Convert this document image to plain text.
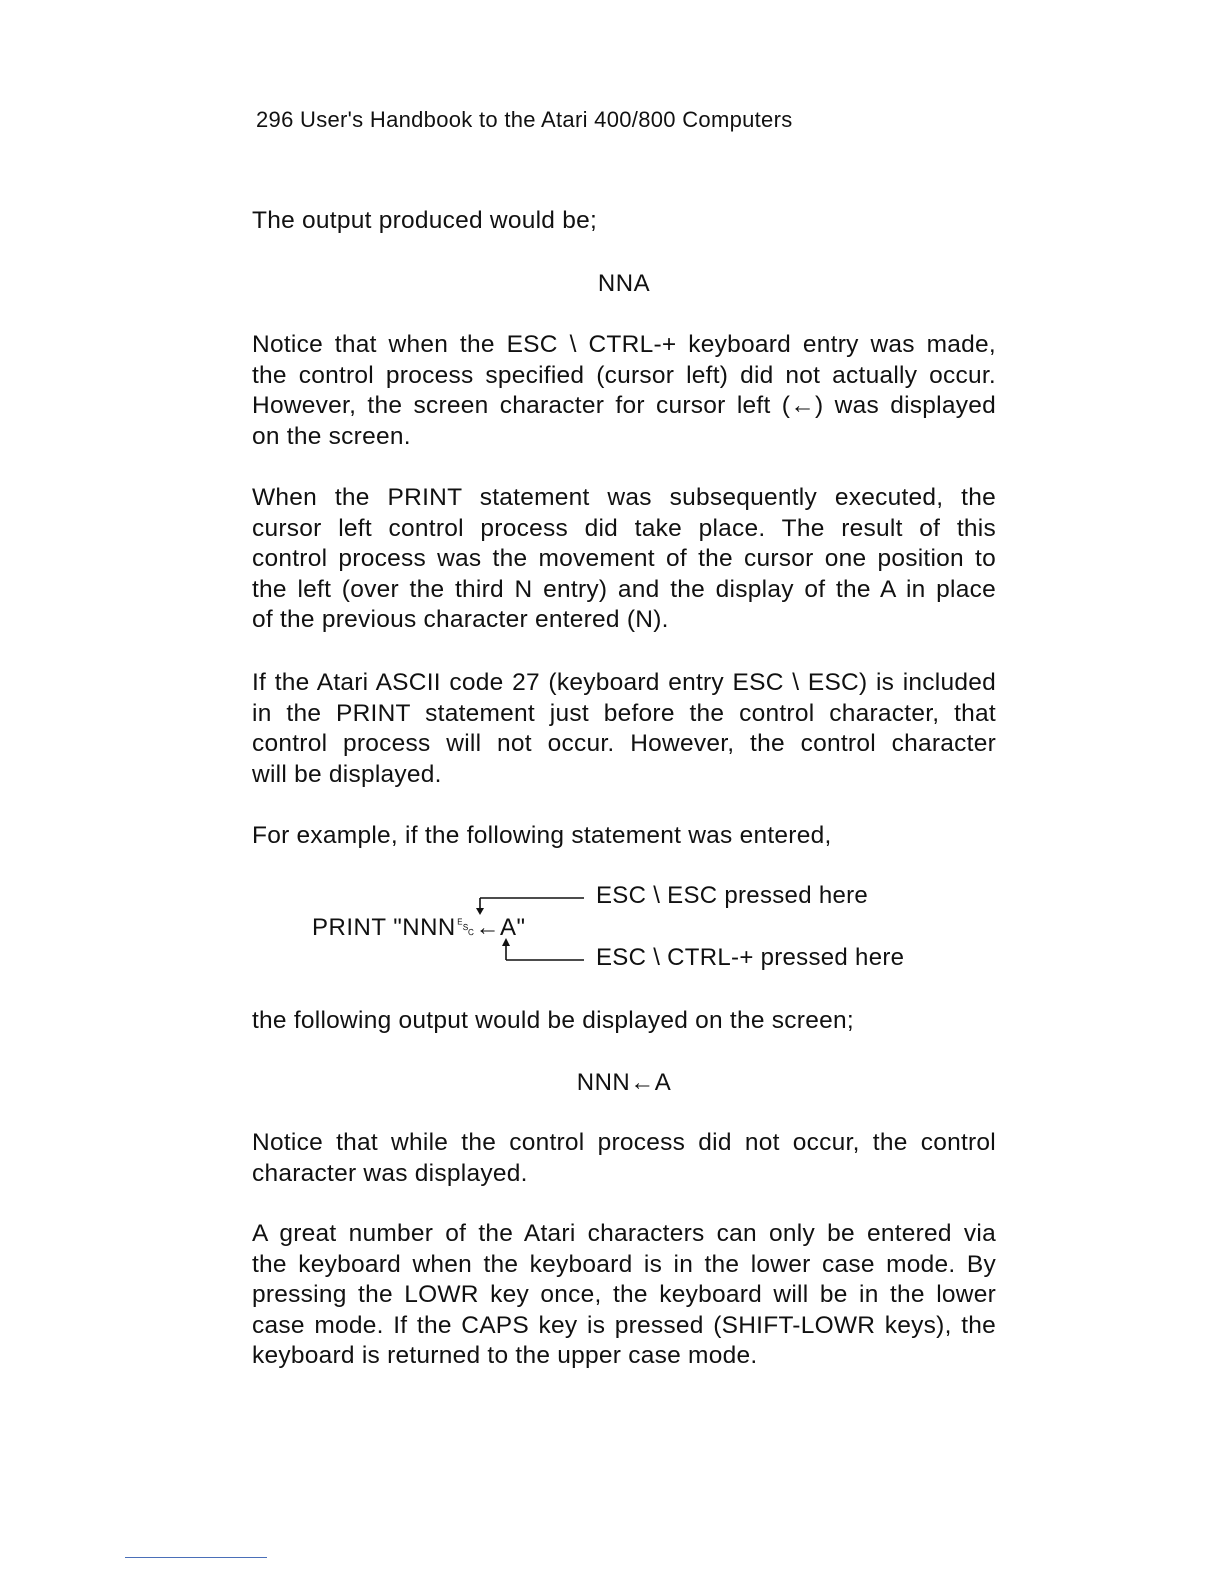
296 User's Handbook to the Atari 400/800 Computers
The output produced would be;
NNA
Notice that when the ESC \ CTRL-+ keyboard entry was made,
the control process specified (cursor left) did not actually occur.
However, the screen character for cursor left (←) was displayed
on the screen.
When the PRINT statement was subsequently executed, the
cursor left control process did take place. The result of this
control process was the movement of the cursor one position to
the left (over the third N entry) and the display of the A in place
of the previous character entered (N).
If the Atari ASCII code 27 (keyboard entry ESC \ ESC) is included
in the PRINT statement just before the control character, that
control process will not occur. However, the control character
will be displayed.
For example, if the following statement was entered,
PRINT "NNN␛←A"
ESC \ ESC pressed here
ESC \ CTRL-+ pressed here
the following output would be displayed on the screen;
NNN←A
Notice that while the control process did not occur, the control
character was displayed.
A great number of the Atari characters can only be entered via
the keyboard when the keyboard is in the lower case mode. By
pressing the LOWR key once, the keyboard will be in the lower
case mode. If the CAPS key is pressed (SHIFT-LOWR keys), the
keyboard is returned to the upper case mode.
